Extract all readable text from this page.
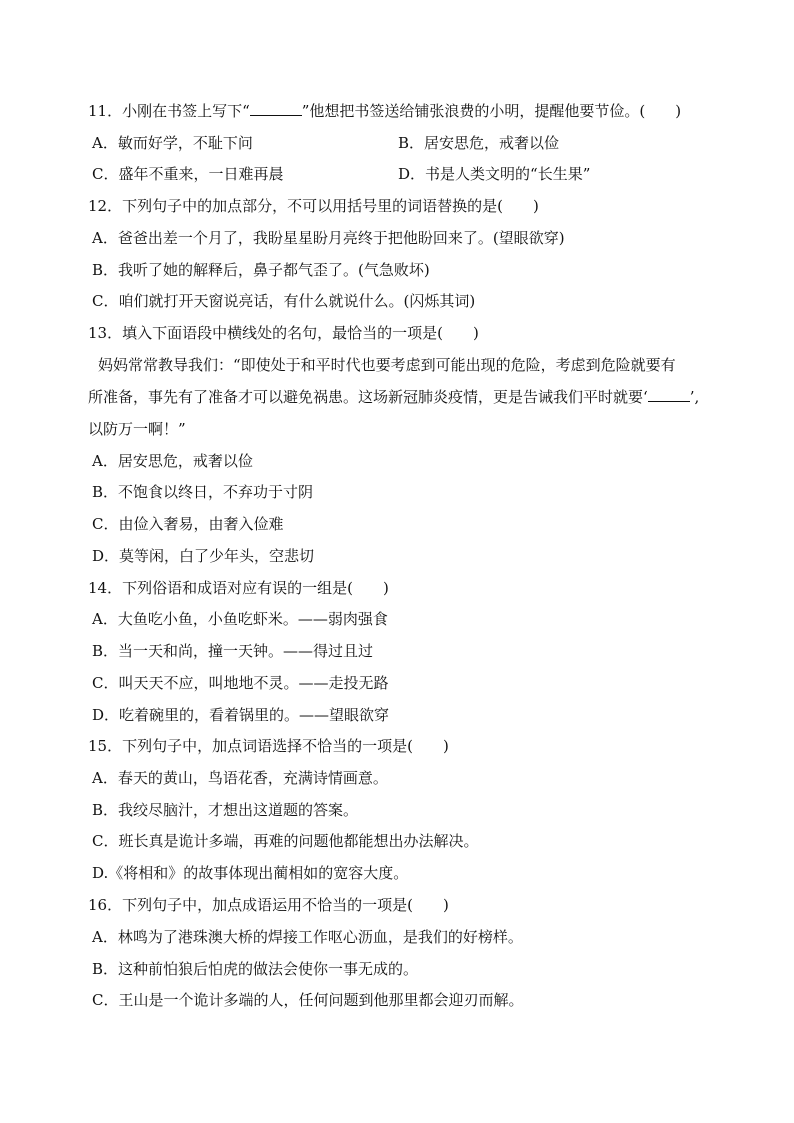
11．小刚在书签上写下“	”他想把书签送给铺张浪费的小明，提醒他要节俭。(　　)
A．敏而好学，不耻下问	B．居安思危，戒奢以俭
C．盛年不重来，一日难再晨	D．书是人类文明的“长生果”
12．下列句子中的加点部分，不可以用括号里的词语替换的是(　　)
A．爸爸出差一个月了，我盼星星盼月亮终于把他盼回来了。(望眼欲穿)
B．我听了她的解释后，鼻子都气歪了。(气急败坏)
C．咱们就打开天窗说亮话，有什么就说什么。(闪烁其词)
13．填入下面语段中横线处的名句，最恰当的一项是(　　)
妈妈常常教导我们：“即使处于和平时代也要考虑到可能出现的危险，考虑到危险就要有
所准备，事先有了准备才可以避免祸患。这场新冠肺炎疫情，更是告诫我们平时就要‘	’,
以防万一啊！”
A．居安思危，戒奢以俭
B．不饱食以终日，不弃功于寸阴
C．由俭入奢易，由奢入俭难
D．莫等闲，白了少年头，空悲切
14．下列俗语和成语对应有误的一组是(　　)
A．大鱼吃小鱼，小鱼吃虾米。——弱肉强食
B．当一天和尚，撞一天钟。——得过且过
C．叫天天不应，叫地地不灵。——走投无路
D．吃着碗里的，看着锅里的。——望眼欲穿
15．下列句子中，加点词语选择不恰当的一项是(　　)
A．春天的黄山，鸟语花香，充满诗情画意。
B．我绞尽脑汁，才想出这道题的答案。
C．班长真是诡计多端，再难的问题他都能想出办法解决。
D.《将相和》的故事体现出蔺相如的宽容大度。
16．下列句子中，加点成语运用不恰当的一项是(　　)
A．林鸣为了港珠澳大桥的焊接工作呕心沥血，是我们的好榜样。
B．这种前怕狼后怕虎的做法会使你一事无成的。
C．王山是一个诡计多端的人，任何问题到他那里都会迎刃而解。
